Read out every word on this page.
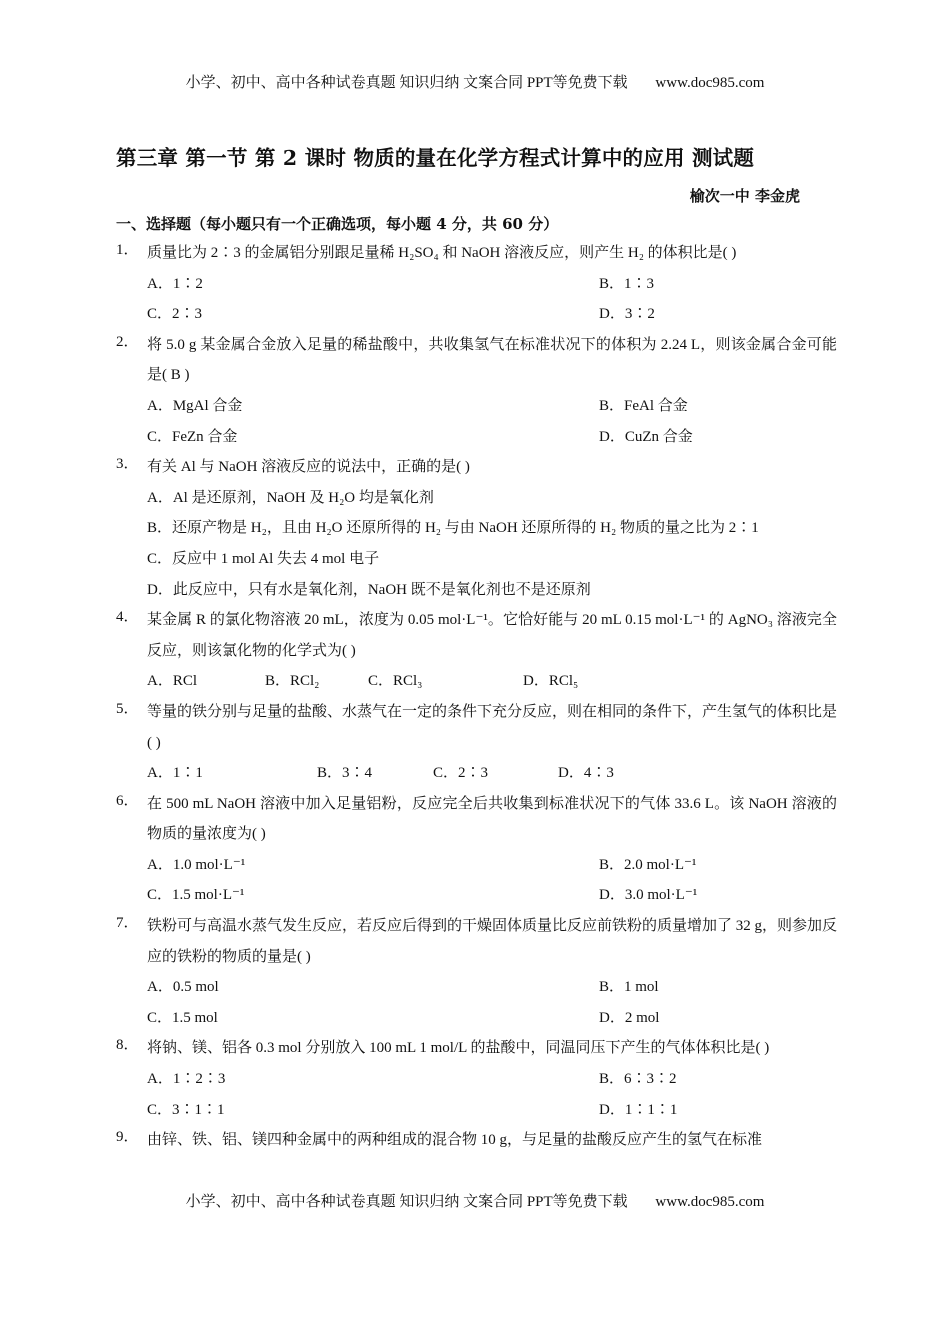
小学、初中、高中各种试卷真题 知识归纳 文案合同 PPT等免费下载 www.doc985.com
第三章 第一节 第 2 课时 物质的量在化学方程式计算中的应用 测试题
榆次一中 李金虎
一、选择题（每小题只有一个正确选项，每小题 4 分，共 60 分）
1． 质量比为 2∶3 的金属铝分别跟足量稀 H₂SO₄ 和 NaOH 溶液反应，则产生 H₂ 的体积比是( )
A．1∶2	B．1∶3
C．2∶3	D．3∶2
2． 将 5.0 g 某金属合金放入足量的稀盐酸中，共收集氢气在标准状况下的体积为 2.24 L，则该金属合金可能是( B )
A．MgAl 合金	B．FeAl 合金
C．FeZn 合金	D．CuZn 合金
3． 有关 Al 与 NaOH 溶液反应的说法中，正确的是( )
A．Al 是还原剂，NaOH 及 H₂O 均是氧化剂
B．还原产物是 H₂，且由 H₂O 还原所得的 H₂ 与由 NaOH 还原所得的 H₂ 物质的量之比为 2∶1
C．反应中 1 mol Al 失去 4 mol 电子
D．此反应中，只有水是氧化剂，NaOH 既不是氧化剂也不是还原剂
4． 某金属 R 的氯化物溶液 20 mL，浓度为 0.05 mol·L⁻¹。它恰好能与 20 mL 0.15 mol·L⁻¹ 的 AgNO₃ 溶液完全反应，则该氯化物的化学式为( )
A．RCl	B．RCl₂	C．RCl₃	D．RCl₅
5． 等量的铁分别与足量的盐酸、水蒸气在一定的条件下充分反应，则在相同的条件下，产生氢气的体积比是( )
A．1∶1	B．3∶4	C．2∶3	D．4∶3
6． 在 500 mL NaOH 溶液中加入足量铝粉，反应完全后共收集到标准状况下的气体 33.6 L。该 NaOH 溶液的物质的量浓度为( )
A．1.0 mol·L⁻¹	B．2.0 mol·L⁻¹
C．1.5 mol·L⁻¹	D．3.0 mol·L⁻¹
7． 铁粉可与高温水蒸气发生反应，若反应后得到的干燥固体质量比反应前铁粉的质量增加了 32 g，则参加反应的铁粉的物质的量是( )
A．0.5 mol	B．1 mol
C．1.5 mol	D．2 mol
8． 将钠、镁、铝各 0.3 mol 分别放入 100 mL 1 mol/L 的盐酸中，同温同压下产生的气体体积比是( )
A．1∶2∶3	B．6∶3∶2
C．3∶1∶1	D．1∶1∶1
9． 由锌、铁、铝、镁四种金属中的两种组成的混合物 10 g，与足量的盐酸反应产生的氢气在标准
小学、初中、高中各种试卷真题 知识归纳 文案合同 PPT等免费下载 www.doc985.com
